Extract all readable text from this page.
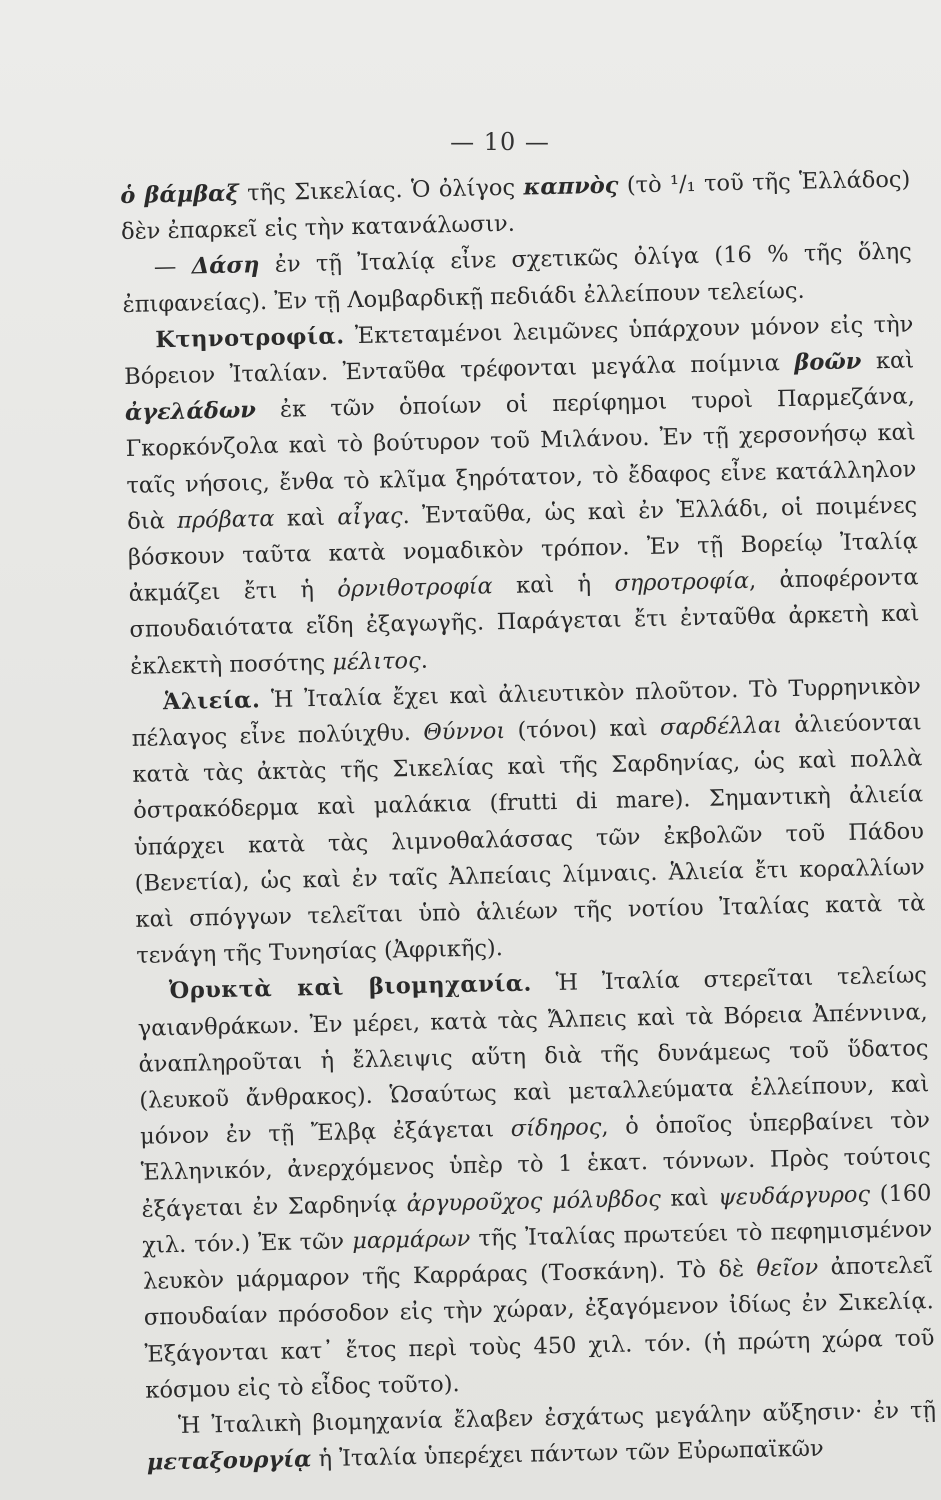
— 10 —

ὁ βάμβαξ τῆς Σικελίας. Ὁ ὀλίγος καπνὸς (τὸ ¹/₁ τοῦ τῆς Ἑλλάδος) δὲν ἐπαρκεῖ εἰς τὴν κατανάλωσιν.

— Δάση ἐν τῇ Ἰταλίᾳ εἶνε σχετικῶς ὀλίγα (16 % τῆς ὅλης ἐπιφανείας). Ἐν τῇ Λομβαρδικῇ πεδιάδι ἐλλείπουν τελείως.

Κτηνοτροφία. Ἐκτεταμένοι λειμῶνες ὑπάρχουν μόνον εἰς τὴν Βόρειον Ἰταλίαν. Ἐνταῦθα τρέφονται μεγάλα ποίμνια βοῶν καὶ ἀγελάδων ἐκ τῶν ὁποίων οἱ περίφημοι τυροὶ Παρμεζάνα, Γκορκόνζολα καὶ τὸ βούτυρον τοῦ Μιλάνου. Ἐν τῇ χερσονήσῳ καὶ ταῖς νήσοις, ἔνθα τὸ κλῖμα ξηρότατον, τὸ ἔδαφος εἶνε κατάλληλον διὰ πρόβατα καὶ αἶγας. Ἐνταῦθα, ὡς καὶ ἐν Ἑλλάδι, οἱ ποιμένες βόσκουν ταῦτα κατὰ νομαδικὸν τρόπον. Ἐν τῇ Βορείῳ Ἰταλίᾳ ἀκμάζει ἔτι ἡ ὀρνιθοτροφία καὶ ἡ σηροτροφία, ἀποφέροντα σπουδαιότατα εἴδη ἐξαγωγῆς. Παράγεται ἔτι ἐνταῦθα ἀρκετὴ καὶ ἐκλεκτὴ ποσότης μέλιτος.

Ἁλιεία. Ἡ Ἰταλία ἔχει καὶ ἀλιευτικὸν πλοῦτον. Τὸ Τυρρηνικὸν πέλαγος εἶνε πολύιχθυ. Θύννοι (τόνοι) καὶ σαρδέλλαι ἀλιεύονται κατὰ τὰς ἀκτὰς τῆς Σικελίας καὶ τῆς Σαρδηνίας, ὡς καὶ πολλὰ ὀστρακόδερμα καὶ μαλάκια (frutti di mare). Σημαντικὴ ἀλιεία ὑπάρχει κατὰ τὰς λιμνοθαλάσσας τῶν ἐκβολῶν τοῦ Πάδου (Βενετία), ὡς καὶ ἐν ταῖς Ἀλπείαις λίμναις. Ἁλιεία ἔτι κοραλλίων καὶ σπόγγων τελεῖται ὑπὸ ἁλιέων τῆς νοτίου Ἰταλίας κατὰ τὰ τενάγη τῆς Τυνησίας (Ἀφρικῆς).

Ὀρυκτὰ καὶ βιομηχανία. Ἡ Ἰταλία στερεῖται τελείως γαιανθράκων. Ἐν μέρει, κατὰ τὰς Ἄλπεις καὶ τὰ Βόρεια Ἀπέννινα, ἀναπληροῦται ἡ ἔλλειψις αὕτη διὰ τῆς δυνάμεως τοῦ ὕδατος (λευκοῦ ἄνθρακος). Ὡσαύτως καὶ μεταλλεύματα ἐλλείπουν, καὶ μόνον ἐν τῇ Ἔλβᾳ ἐξάγεται σίδηρος, ὁ ὁποῖος ὑπερβαίνει τὸν Ἑλληνικόν, ἀνερχόμενος ὑπὲρ τὸ 1 ἑκατ. τόννων. Πρὸς τούτοις ἐξάγεται ἐν Σαρδηνίᾳ ἀργυροῦχος μόλυβδος καὶ ψευδάργυρος (160 χιλ. τόν.) Ἐκ τῶν μαρμάρων τῆς Ἰταλίας πρωτεύει τὸ πεφημισμένον λευκὸν μάρμαρον τῆς Καρράρας (Τοσκάνη). Τὸ δὲ θεῖον ἀποτελεῖ σπουδαίαν πρόσοδον εἰς τὴν χώραν, ἐξαγόμενον ἰδίως ἐν Σικελίᾳ. Ἐξάγονται κατ᾿ ἔτος περὶ τοὺς 450 χιλ. τόν. (ἡ πρώτη χώρα τοῦ κόσμου εἰς τὸ εἶδος τοῦτο).

Ἡ Ἰταλικὴ βιομηχανία ἔλαβεν ἐσχάτως μεγάλην αὔξησιν· ἐν τῇ μεταξουργίᾳ ἡ Ἰταλία ὑπερέχει πάντων τῶν Εὐρωπαϊκῶν
